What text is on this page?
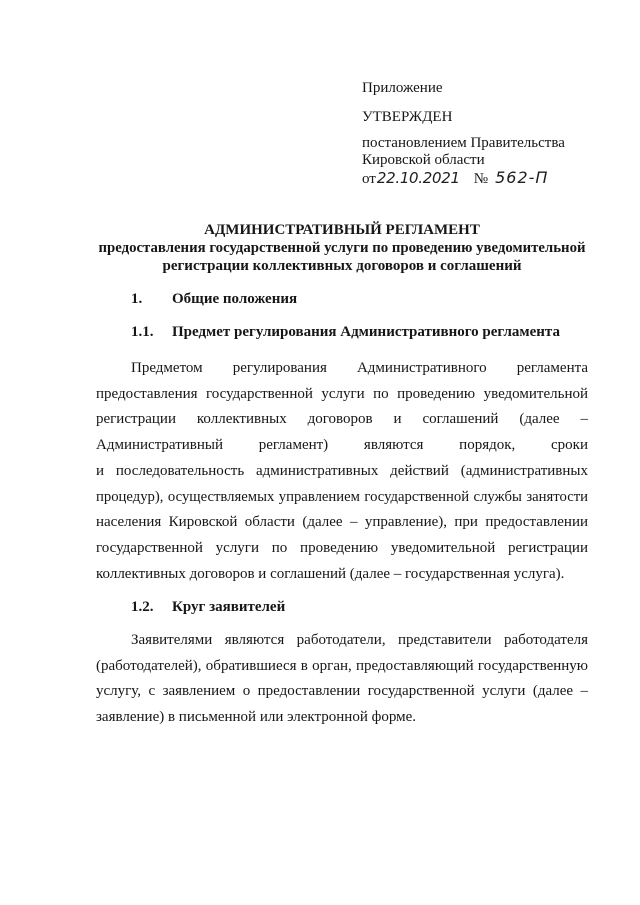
Приложение
УТВЕРЖДЕН
постановлением Правительства
Кировской области
от 22.10.2021 № 562-П
АДМИНИСТРАТИВНЫЙ РЕГЛАМЕНТ
предоставления государственной услуги по проведению уведомительной
регистрации коллективных договоров и соглашений
1. Общие положения
1.1. Предмет регулирования Административного регламента
Предметом регулирования Административного регламента
предоставления государственной услуги по проведению уведомительной
регистрации коллективных договоров и соглашений (далее –
Административный регламент) являются порядок, сроки
и последовательность административных действий (административных
процедур), осуществляемых управлением государственной службы занятости
населения Кировской области (далее – управление), при предоставлении
государственной услуги по проведению уведомительной регистрации
коллективных договоров и соглашений (далее – государственная услуга).
1.2. Круг заявителей
Заявителями являются работодатели, представители работодателя
(работодателей), обратившиеся в орган, предоставляющий государственную
услугу, с заявлением о предоставлении государственной услуги (далее –
заявление) в письменной или электронной форме.
